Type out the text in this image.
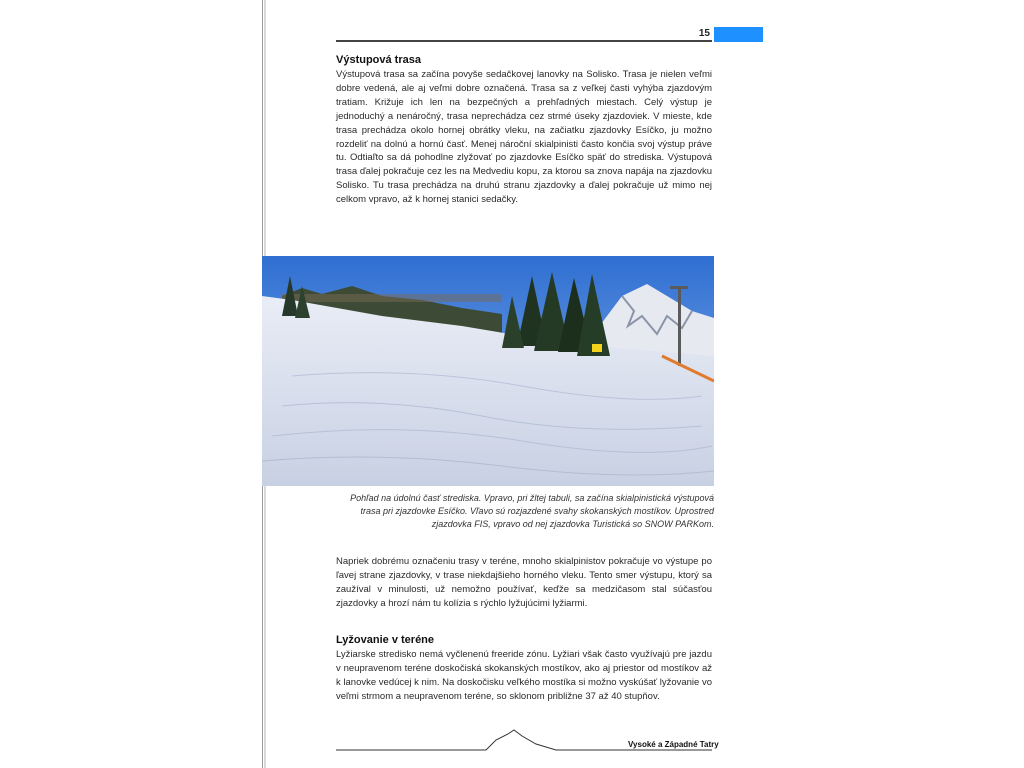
15
Výstupová trasa
Výstupová trasa sa začína povyše sedačkovej lanovky na Solisko. Trasa je nielen veľmi dobre vedená, ale aj veľmi dobre označená. Trasa sa z veľkej časti vyhýba zjazdovým tratiam. Križuje ich len na bezpečných a prehľadných miestach. Celý výstup je jednoduchý a nenáročný, trasa neprechádza cez strmé úseky zjazdoviek. V mieste, kde trasa prechádza okolo hornej obrátky vleku, na začiatku zjazdovky Esíčko, ju možno rozdeliť na dolnú a hornú časť. Menej nároční skialpinisti často končia svoj výstup práve tu. Odtiaľto sa dá pohodlne zlyžovať po zjazdovke Esíčko späť do strediska. Výstupová trasa ďalej pokračuje cez les na Medvediu kopu, za ktorou sa znova napája na zjazdovku Solisko. Tu trasa prechádza na druhú stranu zjazdovky a ďalej pokračuje už mimo nej celkom vpravo, až k hornej stanici sedačky.
Pohľad na údolnú časť strediska. Vpravo, pri žltej tabuli, sa začína skialpinistická výstupová trasa pri zjazdovke Esíčko. Vľavo sú rozjazdené svahy skokanských mostíkov. Uprostred zjazdovka FIS, vpravo od nej zjazdovka Turistická so SNOW PARKom.
Napriek dobrému označeniu trasy v teréne, mnoho skialpinistov pokračuje vo výstupe po ľavej strane zjazdovky, v trase niekdajšieho horného vleku. Tento smer výstupu, ktorý sa zaužíval v minulosti, už nemožno používať, keďže sa medzičasom stal súčasťou zjazdovky a hrozí nám tu kolízia s rýchlo lyžujúcimi lyžiarmi.
Lyžovanie v teréne
Lyžiarske stredisko nemá vyčlenenú freeride zónu. Lyžiari však často využívajú pre jazdu v neupravenom teréne doskočiská skokanských mostíkov, ako aj priestor od mostíkov až k lanovke vedúcej k nim. Na doskočisku veľkého mostíka si možno vyskúšať lyžovanie vo veľmi strmom a neupravenom teréne, so sklonom približne 37 až 40 stupňov.
Vysoké a Západné Tatry
